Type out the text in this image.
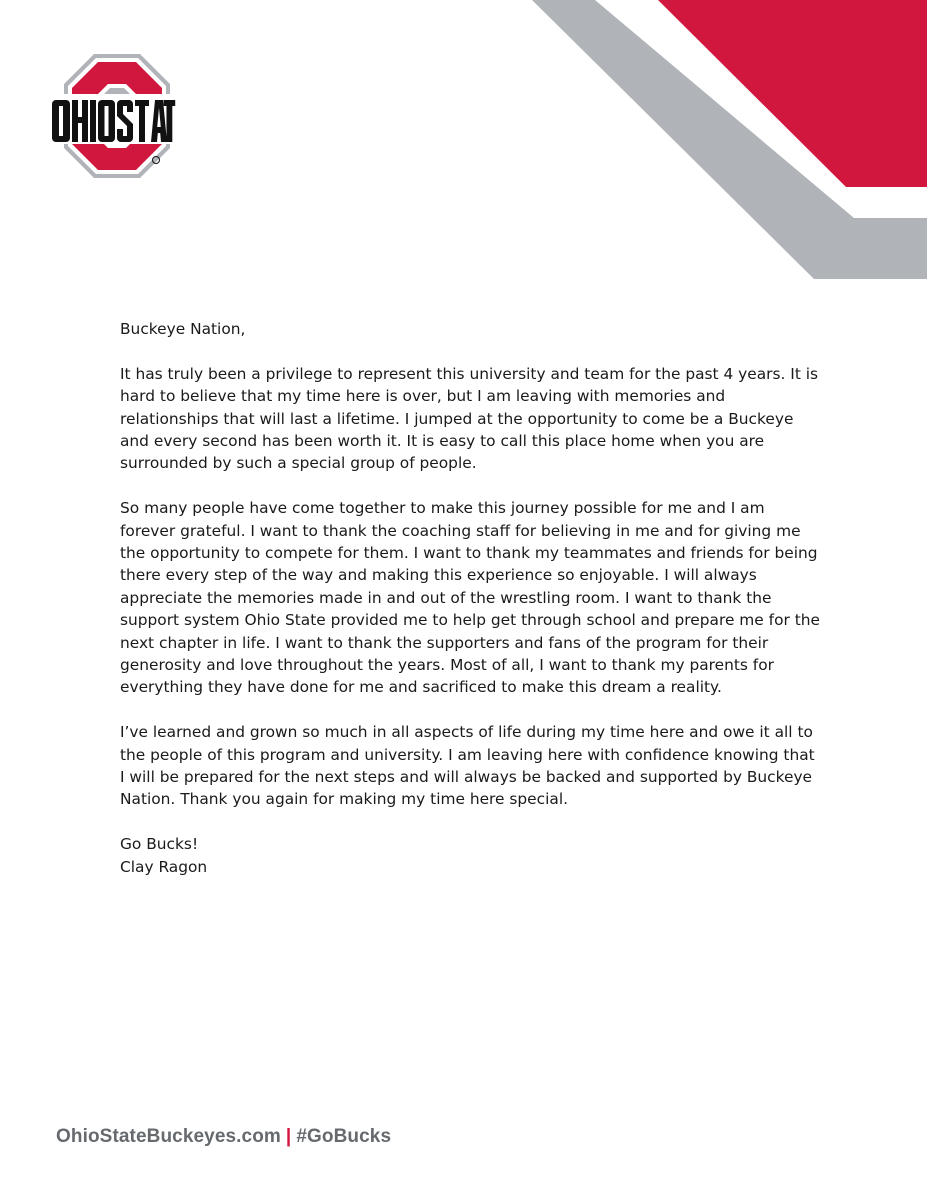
Buckeye Nation,

It has truly been a privilege to represent this university and team for the past 4 years. It is hard to believe that my time here is over, but I am leaving with memories and relationships that will last a lifetime. I jumped at the opportunity to come be a Buckeye and every second has been worth it. It is easy to call this place home when you are surrounded by such a special group of people.

So many people have come together to make this journey possible for me and I am forever grateful. I want to thank the coaching staff for believing in me and for giving me the opportunity to compete for them. I want to thank my teammates and friends for being there every step of the way and making this experience so enjoyable. I will always appreciate the memories made in and out of the wrestling room. I want to thank the support system Ohio State provided me to help get through school and prepare me for the next chapter in life. I want to thank the supporters and fans of the program for their generosity and love throughout the years. Most of all, I want to thank my parents for everything they have done for me and sacrificed to make this dream a reality.

I’ve learned and grown so much in all aspects of life during my time here and owe it all to the people of this program and university. I am leaving here with confidence knowing that I will be prepared for the next steps and will always be backed and supported by Buckeye Nation. Thank you again for making my time here special.

Go Bucks!

Clay Ragon

OhioStateBuckeyes.com | #GoBucks
